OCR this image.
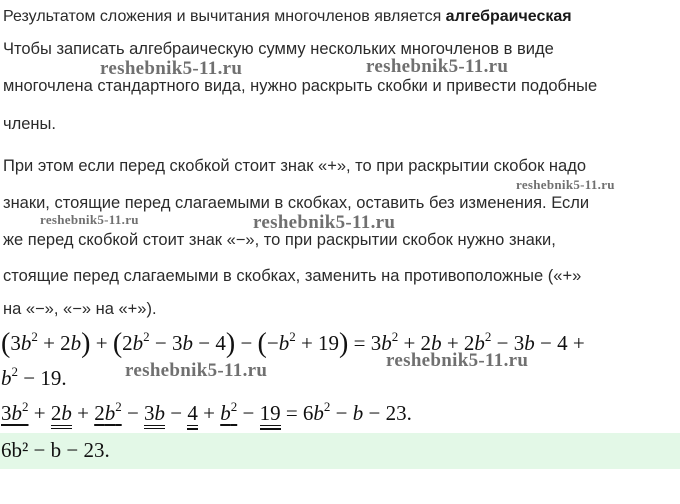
Результатом сложения и вычитания многочленов является алгебраическая
Чтобы записать алгебраическую сумму нескольких многочленов в виде
многочлена стандартного вида, нужно раскрыть скобки и привести подобные
члены.
При этом если перед скобкой стоит знак «+», то при раскрытии скобок надо
знаки, стоящие перед слагаемыми в скобках, оставить без изменения. Если
же перед скобкой стоит знак «−», то при раскрытии скобок нужно знаки,
стоящие перед слагаемыми в скобках, заменить на противоположные («+»
на «−», «−» на «+»).
$(3b^2 + 2b) + (2b^2 - 3b - 4) - (-b^2 + 19) = 3b^2 + 2b + 2b^2 - 3b - 4$ +
$b^2 - 19$.
$3b^2 + 2b + 2b^2 - 3b - 4 + b^2 - 19 = 6b^2 - b - 23$.
6b² − b − 23.
reshebnik5-11.ru	reshebnik5-11.ru
reshebnik5-11.ru
reshebnik5-11.ru	reshebnik5-11.ru
reshebnik5-11.ru	reshebnik5-11.ru
